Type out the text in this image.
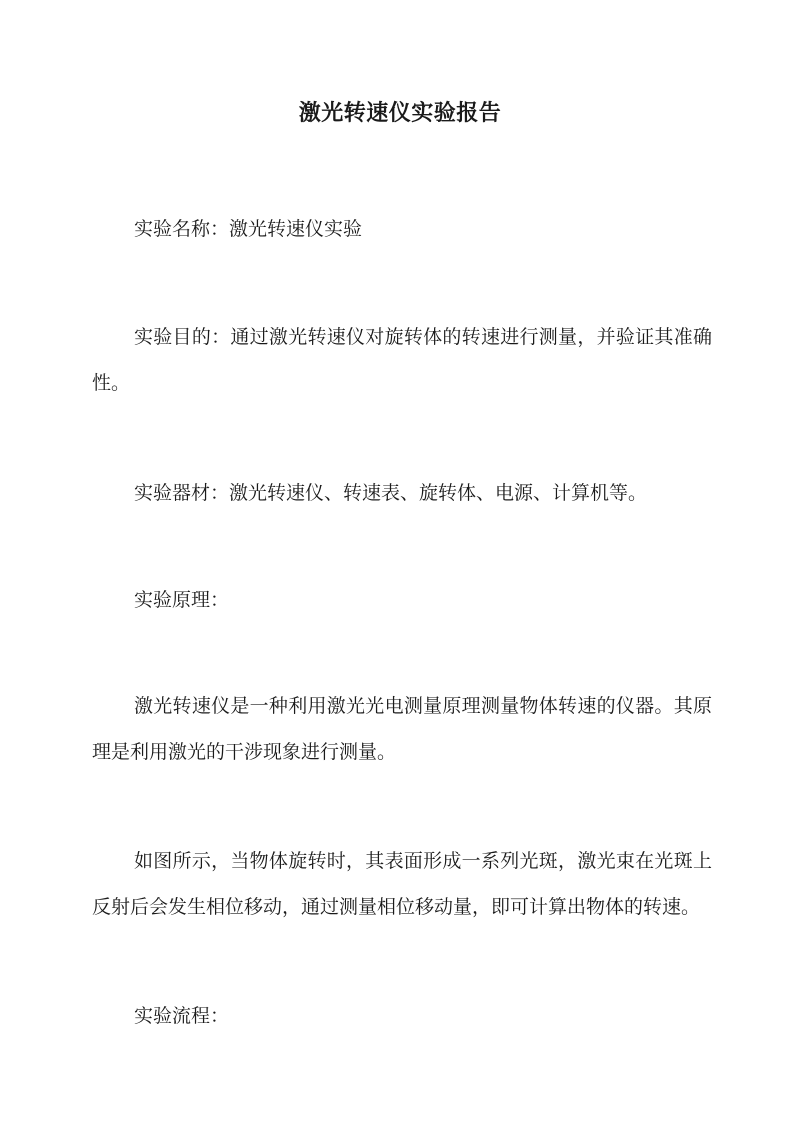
激光转速仪实验报告

实验名称：激光转速仪实验

实验目的：通过激光转速仪对旋转体的转速进行测量，并验证其准确性。

实验器材：激光转速仪、转速表、旋转体、电源、计算机等。

实验原理：

激光转速仪是一种利用激光光电测量原理测量物体转速的仪器。其原理是利用激光的干涉现象进行测量。

如图所示，当物体旋转时，其表面形成一系列光斑，激光束在光斑上反射后会发生相位移动，通过测量相位移动量，即可计算出物体的转速。

实验流程：
